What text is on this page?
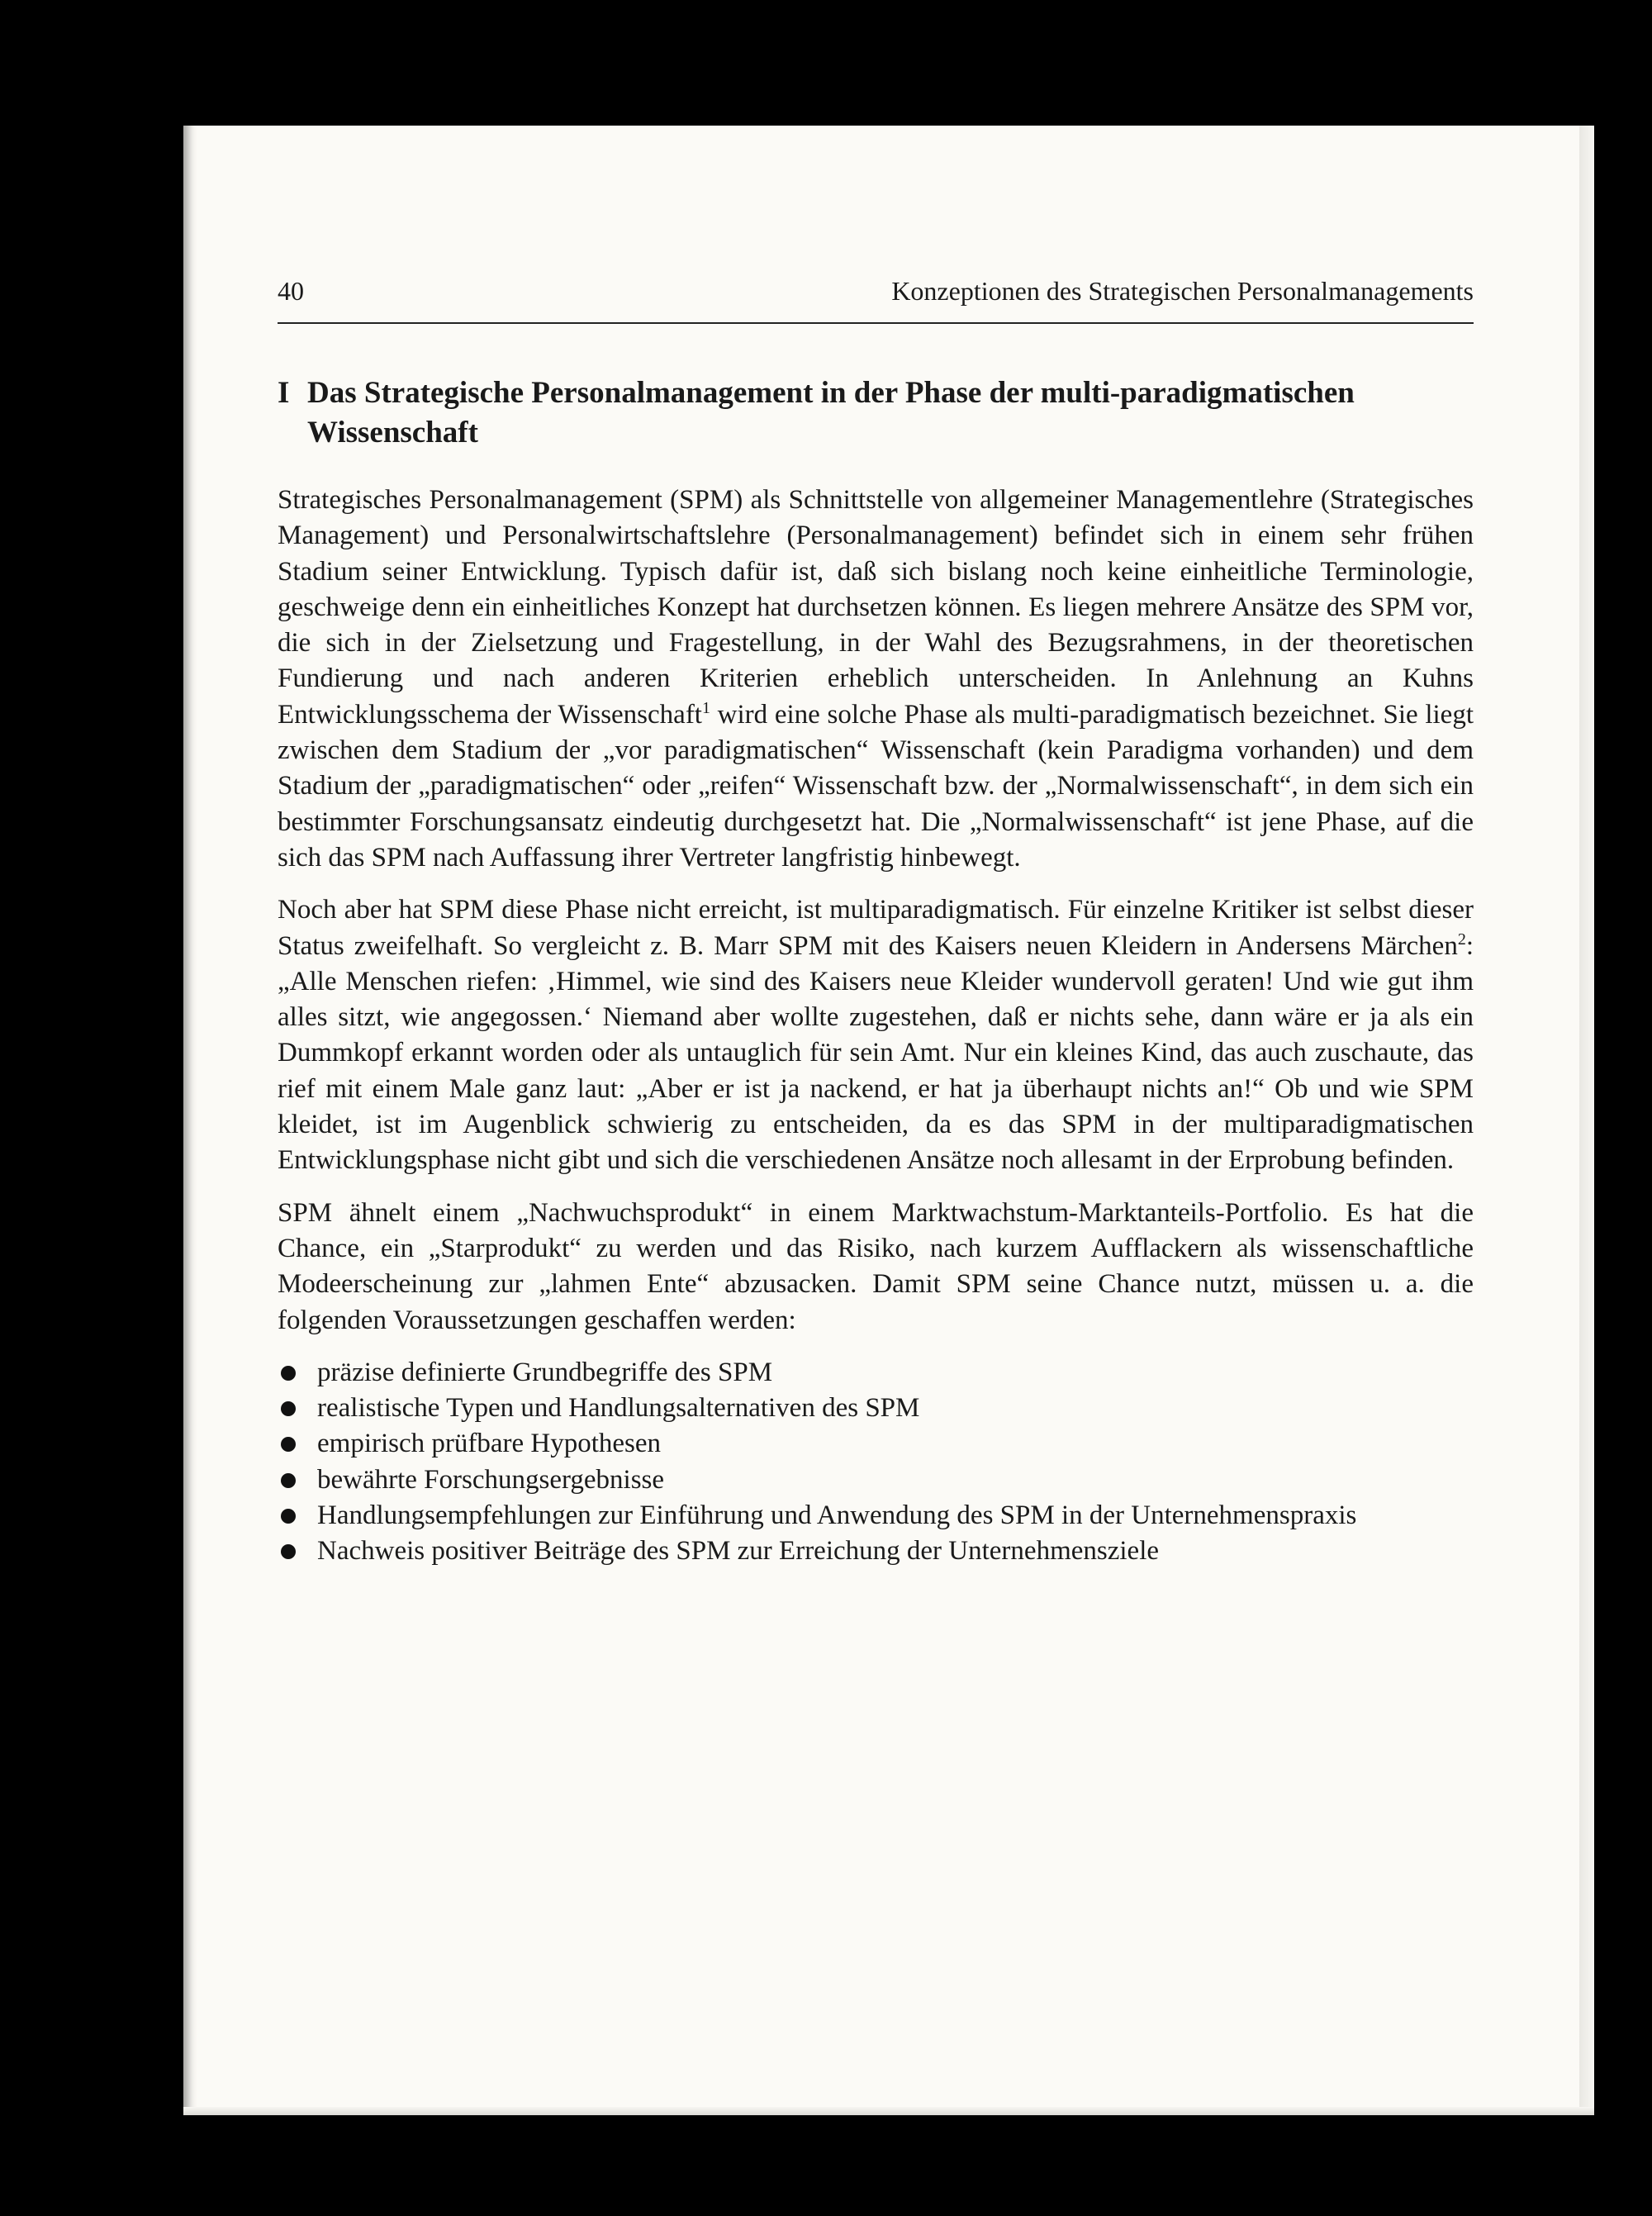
40	Konzeptionen des Strategischen Personalmanagements
I Das Strategische Personalmanagement in der Phase der multi-paradigmatischen Wissenschaft

Strategisches Personalmanagement (SPM) als Schnittstelle von allgemeiner Managementlehre (Strategisches Management) und Personalwirtschaftslehre (Personalmanagement) befindet sich in einem sehr frühen Stadium seiner Entwicklung. Typisch dafür ist, daß sich bislang noch keine einheitliche Terminologie, geschweige denn ein einheitliches Konzept hat durchsetzen können. Es liegen mehrere Ansätze des SPM vor, die sich in der Zielsetzung und Fragestellung, in der Wahl des Bezugsrahmens, in der theoretischen Fundierung und nach anderen Kriterien erheblich unterscheiden. In Anlehnung an Kuhns Entwicklungsschema der Wissenschaft$^1$ wird eine solche Phase als multi-paradigmatisch bezeichnet. Sie liegt zwischen dem Stadium der „vor paradigmatischen“ Wissenschaft (kein Paradigma vorhanden) und dem Stadium der „paradigmatischen“ oder „reifen“ Wissenschaft bzw. der „Normalwissenschaft“, in dem sich ein bestimmter Forschungsansatz eindeutig durchgesetzt hat. Die „Normalwissenschaft“ ist jene Phase, auf die sich das SPM nach Auffassung ihrer Vertreter langfristig hinbewegt.

Noch aber hat SPM diese Phase nicht erreicht, ist multiparadigmatisch. Für einzelne Kritiker ist selbst dieser Status zweifelhaft. So vergleicht z. B. Marr SPM mit des Kaisers neuen Kleidern in Andersens Märchen$^2$: „Alle Menschen riefen: ‚Himmel, wie sind des Kaisers neue Kleider wundervoll geraten! Und wie gut ihm alles sitzt, wie angegossen.‘ Niemand aber wollte zugestehen, daß er nichts sehe, dann wäre er ja als ein Dummkopf erkannt worden oder als untauglich für sein Amt. Nur ein kleines Kind, das auch zuschaute, das rief mit einem Male ganz laut: „Aber er ist ja nackend, er hat ja überhaupt nichts an!“ Ob und wie SPM kleidet, ist im Augenblick schwierig zu entscheiden, da es das SPM in der multiparadigmatischen Entwicklungsphase nicht gibt und sich die verschiedenen Ansätze noch allesamt in der Erprobung befinden.

SPM ähnelt einem „Nachwuchsprodukt“ in einem Marktwachstum-Marktanteils-Portfolio. Es hat die Chance, ein „Starprodukt“ zu werden und das Risiko, nach kurzem Aufflackern als wissenschaftliche Modeerscheinung zur „lahmen Ente“ abzusacken. Damit SPM seine Chance nutzt, müssen u. a. die folgenden Voraussetzungen geschaffen werden:

präzise definierte Grundbegriffe des SPM
realistische Typen und Handlungsalternativen des SPM
empirisch prüfbare Hypothesen
bewährte Forschungsergebnisse
Handlungsempfehlungen zur Einführung und Anwendung des SPM in der Unternehmenspraxis
Nachweis positiver Beiträge des SPM zur Erreichung der Unternehmensziele
